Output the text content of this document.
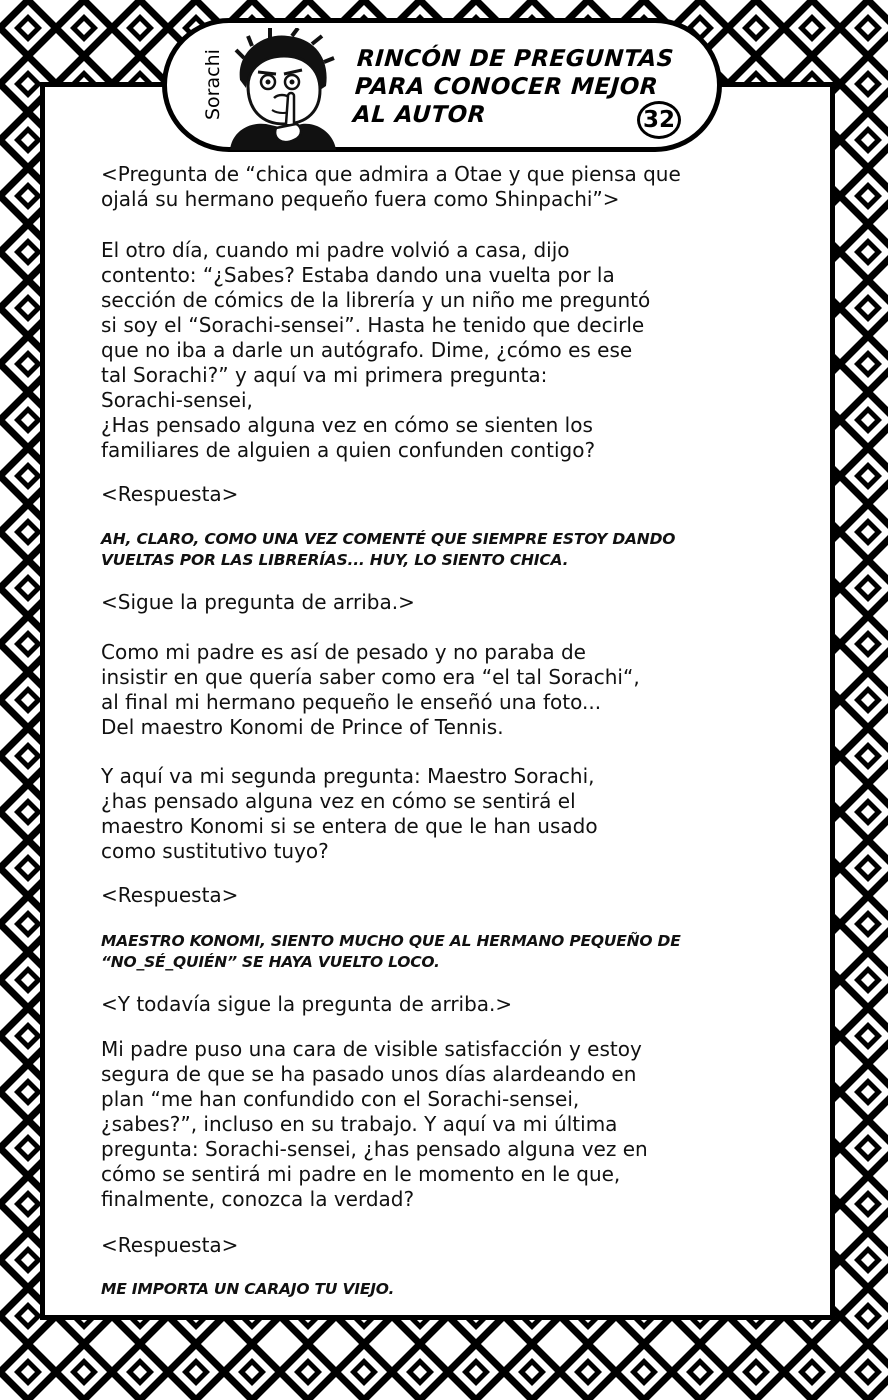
Sorachi	RINCÓN DE PREGUNTAS
PARA CONOCER MEJOR
AL AUTOR	32

<Pregunta de “chica que admira a Otae y que piensa que
ojalá su hermano pequeño fuera como Shinpachi”>

El otro día, cuando mi padre volvió a casa, dijo
contento: “¿Sabes? Estaba dando una vuelta por la
sección de cómics de la librería y un niño me preguntó
si soy el “Sorachi-sensei”. Hasta he tenido que decirle
que no iba a darle un autógrafo. Dime, ¿cómo es ese
tal Sorachi?” y aquí va mi primera pregunta:
Sorachi-sensei,
¿Has pensado alguna vez en cómo se sienten los
familiares de alguien a quien confunden contigo?

<Respuesta>

AH, CLARO, COMO UNA VEZ COMENTÉ QUE SIEMPRE ESTOY DANDO
VUELTAS POR LAS LIBRERÍAS... HUY, LO SIENTO CHICA.

<Sigue la pregunta de arriba.>

Como mi padre es así de pesado y no paraba de
insistir en que quería saber como era “el tal Sorachi“,
al final mi hermano pequeño le enseñó una foto...
Del maestro Konomi de Prince of Tennis.

Y aquí va mi segunda pregunta: Maestro Sorachi,
¿has pensado alguna vez en cómo se sentirá el
maestro Konomi si se entera de que le han usado
como sustitutivo tuyo?

<Respuesta>

MAESTRO KONOMI, SIENTO MUCHO QUE AL HERMANO PEQUEÑO DE
“NO_SÉ_QUIÉN” SE HAYA VUELTO LOCO.

<Y todavía sigue la pregunta de arriba.>

Mi padre puso una cara de visible satisfacción y estoy
segura de que se ha pasado unos días alardeando en
plan “me han confundido con el Sorachi-sensei,
¿sabes?”, incluso en su trabajo. Y aquí va mi última
pregunta: Sorachi-sensei, ¿has pensado alguna vez en
cómo se sentirá mi padre en le momento en le que,
finalmente, conozca la verdad?

<Respuesta>

ME IMPORTA UN CARAJO TU VIEJO.
